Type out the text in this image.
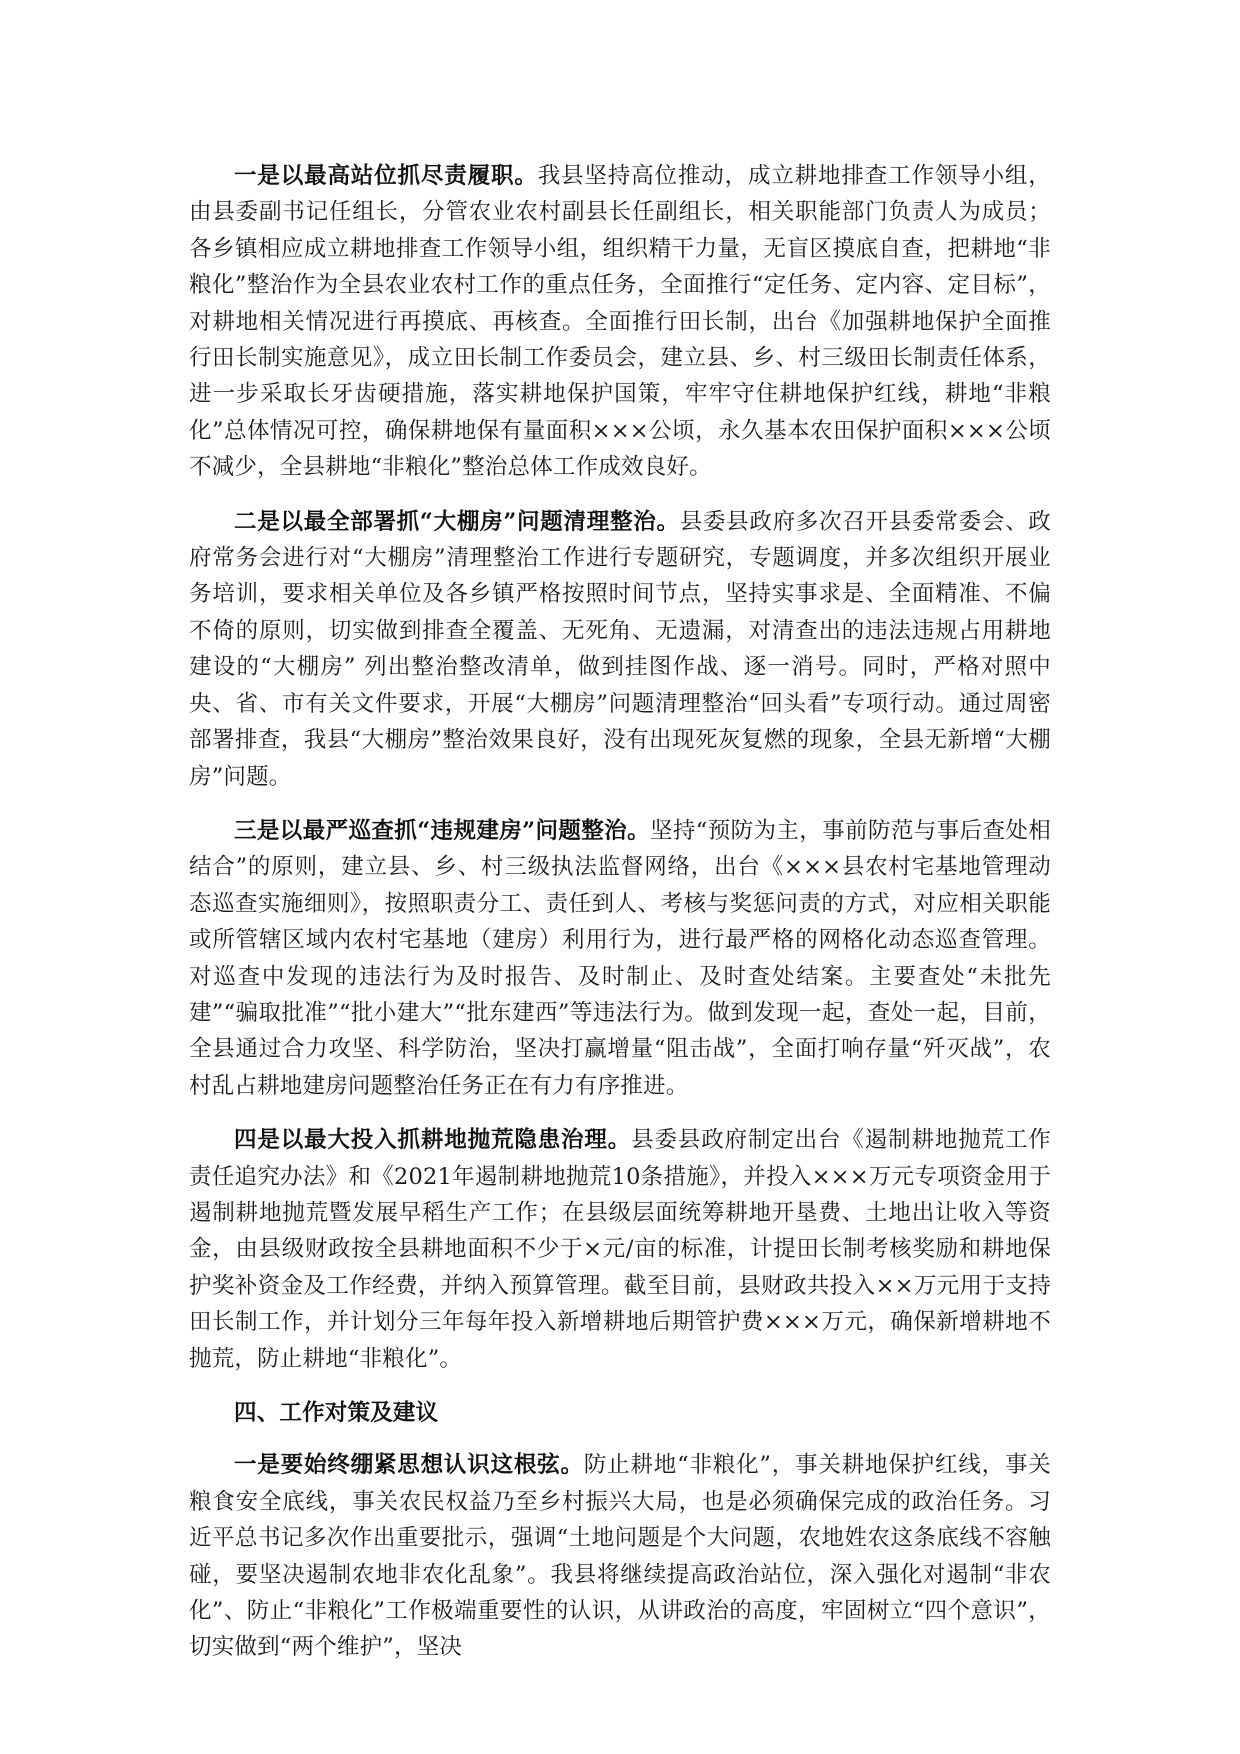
一是以最高站位抓尽责履职。我县坚持高位推动，成立耕地排查工作领导小组，由县委副书记任组长，分管农业农村副县长任副组长，相关职能部门负责人为成员；各乡镇相应成立耕地排查工作领导小组，组织精干力量，无盲区摸底自查，把耕地“非粮化”整治作为全县农业农村工作的重点任务，全面推行“定任务、定内容、定目标”，对耕地相关情况进行再摸底、再核查。全面推行田长制，出台《加强耕地保护全面推行田长制实施意见》，成立田长制工作委员会，建立县、乡、村三级田长制责任体系，进一步采取长牙齿硬措施，落实耕地保护国策，牢牢守住耕地保护红线，耕地“非粮化”总体情况可控，确保耕地保有量面积×××公顷，永久基本农田保护面积×××公顷不减少，全县耕地“非粮化”整治总体工作成效良好。

二是以最全部署抓“大棚房”问题清理整治。县委县政府多次召开县委常委会、政府常务会进行对“大棚房”清理整治工作进行专题研究，专题调度，并多次组织开展业务培训，要求相关单位及各乡镇严格按照时间节点，坚持实事求是、全面精准、不偏不倚的原则，切实做到排查全覆盖、无死角、无遗漏，对清查出的违法违规占用耕地建设的“大棚房” 列出整治整改清单，做到挂图作战、逐一消号。同时，严格对照中央、省、市有关文件要求，开展“大棚房”问题清理整治“回头看”专项行动。通过周密部署排查，我县“大棚房”整治效果良好，没有出现死灰复燃的现象，全县无新增“大棚房”问题。

三是以最严巡查抓“违规建房”问题整治。坚持“预防为主，事前防范与事后查处相结合”的原则，建立县、乡、村三级执法监督网络，出台《×××县农村宅基地管理动态巡查实施细则》，按照职责分工、责任到人、考核与奖惩问责的方式，对应相关职能或所管辖区域内农村宅基地（建房）利用行为，进行最严格的网格化动态巡查管理。对巡查中发现的违法行为及时报告、及时制止、及时查处结案。主要查处“未批先建”“骗取批准”“批小建大”“批东建西”等违法行为。做到发现一起，查处一起，目前，全县通过合力攻坚、科学防治，坚决打赢增量“阻击战”，全面打响存量“歼灭战”，农村乱占耕地建房问题整治任务正在有力有序推进。

四是以最大投入抓耕地抛荒隐患治理。县委县政府制定出台《遏制耕地抛荒工作责任追究办法》和《2021年遏制耕地抛荒10条措施》，并投入×××万元专项资金用于遏制耕地抛荒暨发展早稻生产工作；在县级层面统筹耕地开垦费、土地出让收入等资金，由县级财政按全县耕地面积不少于×元/亩的标准，计提田长制考核奖励和耕地保护奖补资金及工作经费，并纳入预算管理。截至目前，县财政共投入××万元用于支持田长制工作，并计划分三年每年投入新增耕地后期管护费×××万元，确保新增耕地不抛荒，防止耕地“非粮化”。

四、工作对策及建议

一是要始终绷紧思想认识这根弦。防止耕地“非粮化”，事关耕地保护红线，事关粮食安全底线，事关农民权益乃至乡村振兴大局，也是必须确保完成的政治任务。习近平总书记多次作出重要批示，强调“土地问题是个大问题，农地姓农这条底线不容触碰，要坚决遏制农地非农化乱象”。我县将继续提高政治站位，深入强化对遏制“非农化”、防止“非粮化”工作极端重要性的认识，从讲政治的高度，牢固树立“四个意识”，切实做到“两个维护”，坚决
